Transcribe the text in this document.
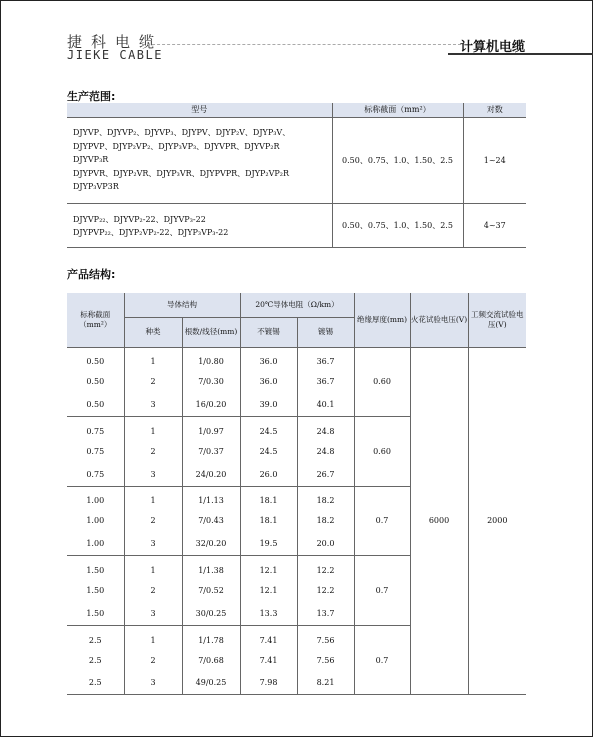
捷科电缆
JIEKE CABLE	计算机电缆
生产范围:
型号	标称截面（mm²）	对数

DJYVP、DJYVP₂、DJYVP₃、DJYPV、DJYP₂V、DJYP₃V、
DJYPVP、DJYP₂VP₂、DJYP₃VP₃、DJYVPR、DJYVP₂R
DJYVP₃R
DJYPVR、DJYP₂VR、DJYP₃VR、DJYPVPR、DJYP₂VP₂R
DJYP₃VP3R	0.50、0.75、1.0、1.50、2.5	1~24

DJYVP₂₂、DJYVP₂-22、DJYVP₃-22
DJYPVP₂₂、DJYP₂VP₂-22、DJYP₃VP₃-22	0.50、0.75、1.0、1.50、2.5	4~37
产品结构:
标称截面（mm²）	导体结构		20℃导体电阻（Ω/km）		绝缘厚度(mm)	火花试验电压(V)	工频交流试验电压(V)
	种类	根数/线径(mm)	不镀锡	镀锡			
0.50	1	1/0.80	36.0	36.7	0.60	6000	2000
0.50	2	7/0.30	36.0	36.7			
0.50	3	16/0.20	39.0	40.1			
0.75	1	1/0.97	24.5	24.8	0.60		
0.75	2	7/0.37	24.5	24.8			
0.75	3	24/0.20	26.0	26.7			
1.00	1	1/1.13	18.1	18.2	0.7		
1.00	2	7/0.43	18.1	18.2			
1.00	3	32/0.20	19.5	20.0			
1.50	1	1/1.38	12.1	12.2	0.7		
1.50	2	7/0.52	12.1	12.2			
1.50	3	30/0.25	13.3	13.7			
2.5	1	1/1.78	7.41	7.56	0.7		
2.5	2	7/0.68	7.41	7.56			
2.5	3	49/0.25	7.98	8.21			
